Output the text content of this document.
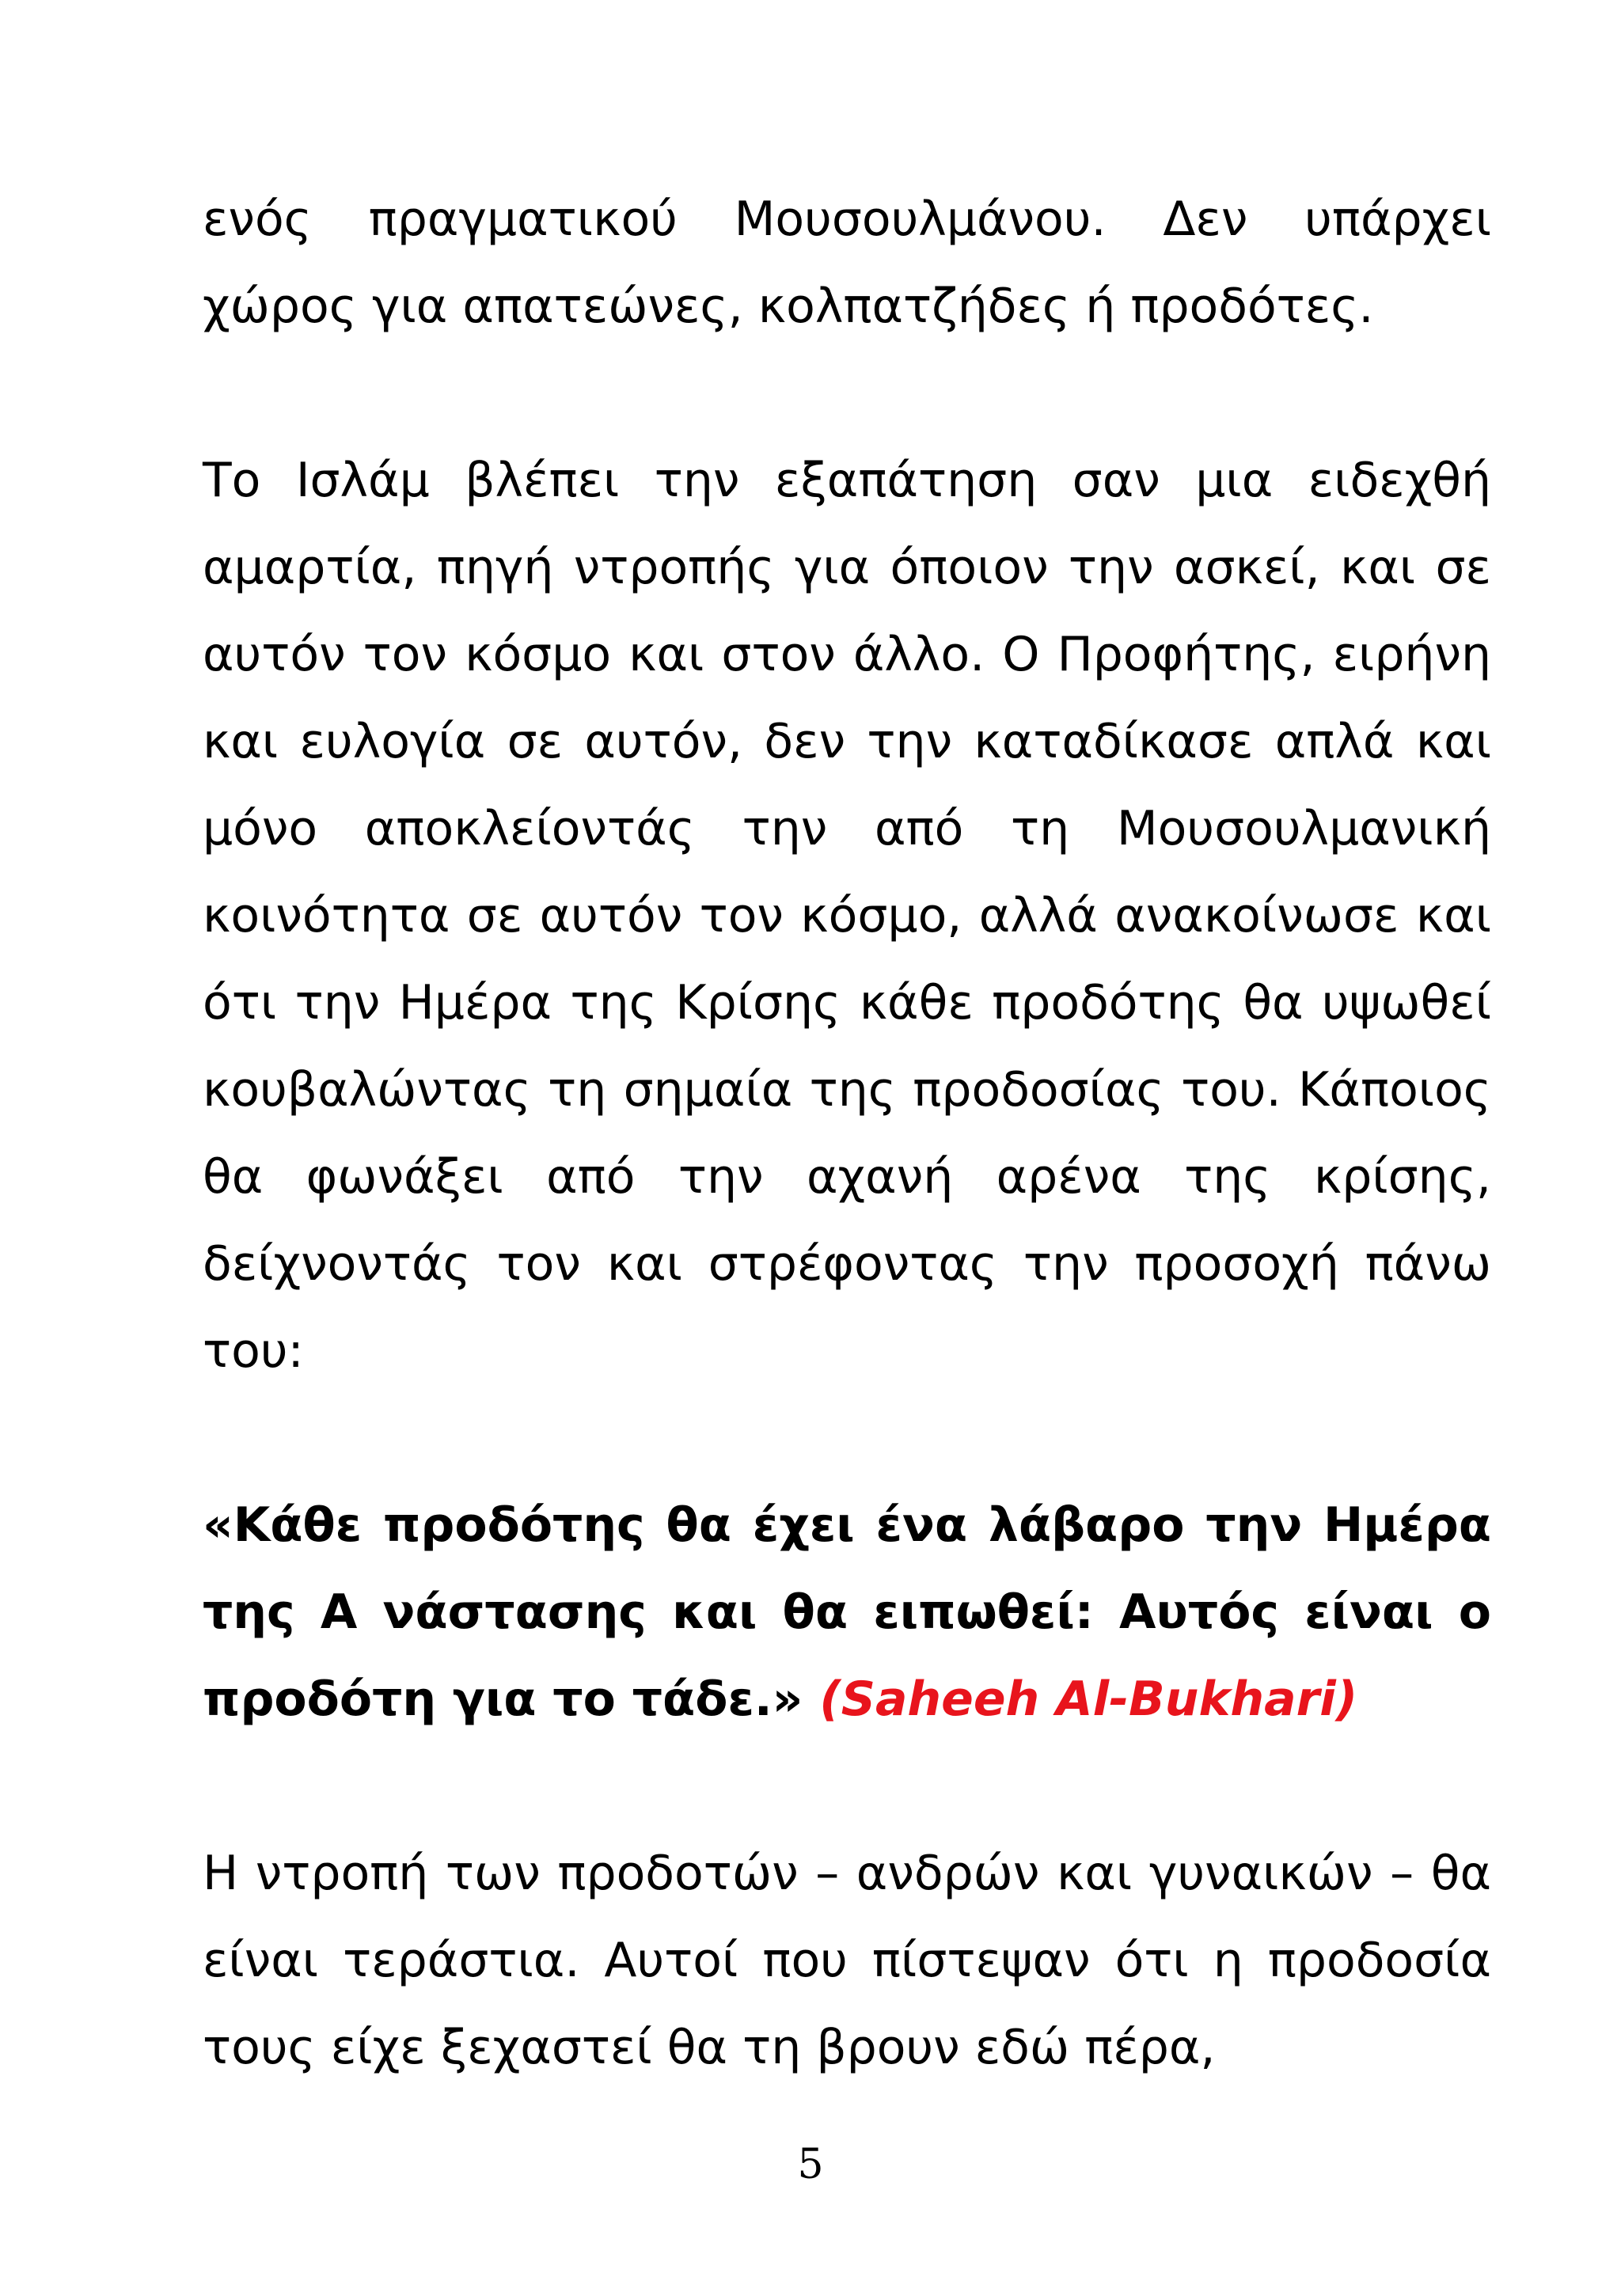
ενός πραγματικού Μουσουλμάνου. Δεν υπάρχει χώρος για απατεώνες, κολπατζήδες ή προδότες.

Το Ισλάμ βλέπει την εξαπάτηση σαν μια ειδεχθή αμαρτία, πηγή ντροπής για όποιον την ασκεί, και σε αυτόν τον κόσμο και στον άλλο. Ο Προφήτης, ειρήνη και ευλογία σε αυτόν, δεν την καταδίκασε απλά και μόνο αποκλείοντάς την από τη Μουσουλμανική κοινότητα σε αυτόν τον κόσμο, αλλά ανακοίνωσε και ότι την Ημέρα της Κρίσης κάθε προδότης θα υψωθεί κουβαλώντας τη σημαία της προδοσίας του. Κάποιος θα φωνάξει από την αχανή αρένα της κρίσης, δείχνοντάς τον και στρέφοντας την προσοχή πάνω του:

«Κάθε προδότης θα έχει ένα λάβαρο την Ημέρα της Α νάστασης και θα ειπωθεί: Αυτός είναι ο προδότη για το τάδε.» (Saheeh Al-Bukhari)

Η ντροπή των προδοτών – ανδρών και γυναικών – θα είναι τεράστια. Αυτοί που πίστεψαν ότι η προδοσία τους είχε ξεχαστεί θα τη βρουν εδώ πέρα,

5
